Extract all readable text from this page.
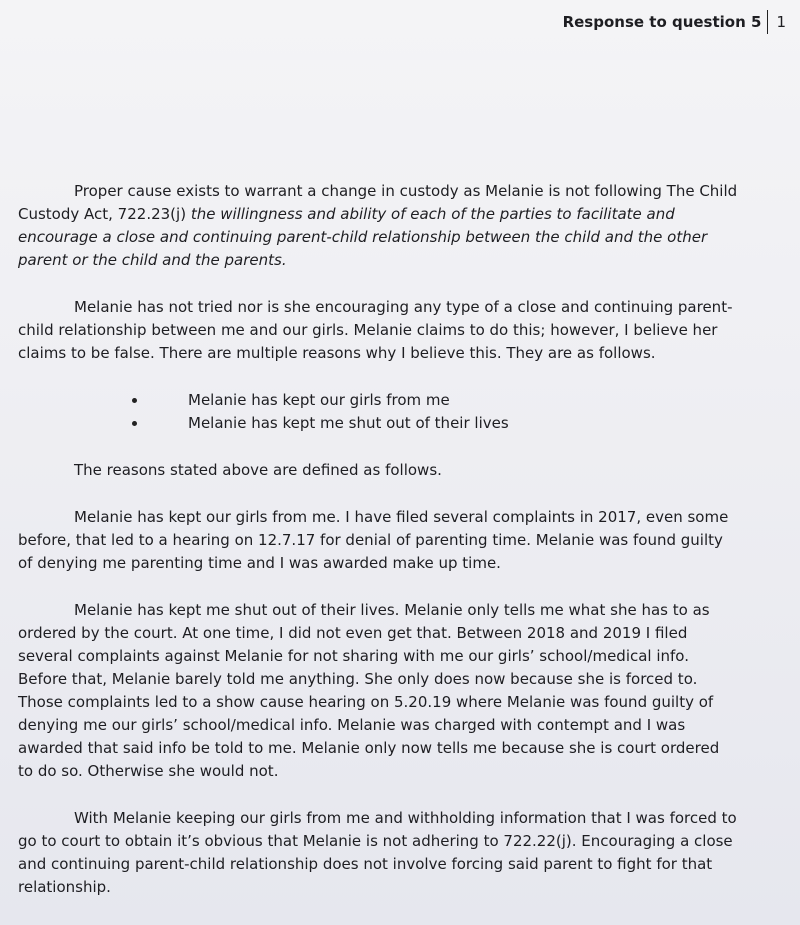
Response to question 5 1

Proper cause exists to warrant a change in custody as Melanie is not following The Child Custody Act, 722.23(j) the willingness and ability of each of the parties to facilitate and encourage a close and continuing parent-child relationship between the child and the other parent or the child and the parents.

Melanie has not tried nor is she encouraging any type of a close and continuing parent-child relationship between me and our girls. Melanie claims to do this; however, I believe her claims to be false. There are multiple reasons why I believe this. They are as follows.

Melanie has kept our girls from me
Melanie has kept me shut out of their lives

The reasons stated above are defined as follows.

Melanie has kept our girls from me. I have filed several complaints in 2017, even some before, that led to a hearing on 12.7.17 for denial of parenting time. Melanie was found guilty of denying me parenting time and I was awarded make up time.

Melanie has kept me shut out of their lives. Melanie only tells me what she has to as ordered by the court. At one time, I did not even get that. Between 2018 and 2019 I filed several complaints against Melanie for not sharing with me our girls’ school/medical info. Before that, Melanie barely told me anything. She only does now because she is forced to. Those complaints led to a show cause hearing on 5.20.19 where Melanie was found guilty of denying me our girls’ school/medical info. Melanie was charged with contempt and I was awarded that said info be told to me. Melanie only now tells me because she is court ordered to do so. Otherwise she would not.

With Melanie keeping our girls from me and withholding information that I was forced to go to court to obtain it’s obvious that Melanie is not adhering to 722.22(j). Encouraging a close and continuing parent-child relationship does not involve forcing said parent to fight for that relationship.
